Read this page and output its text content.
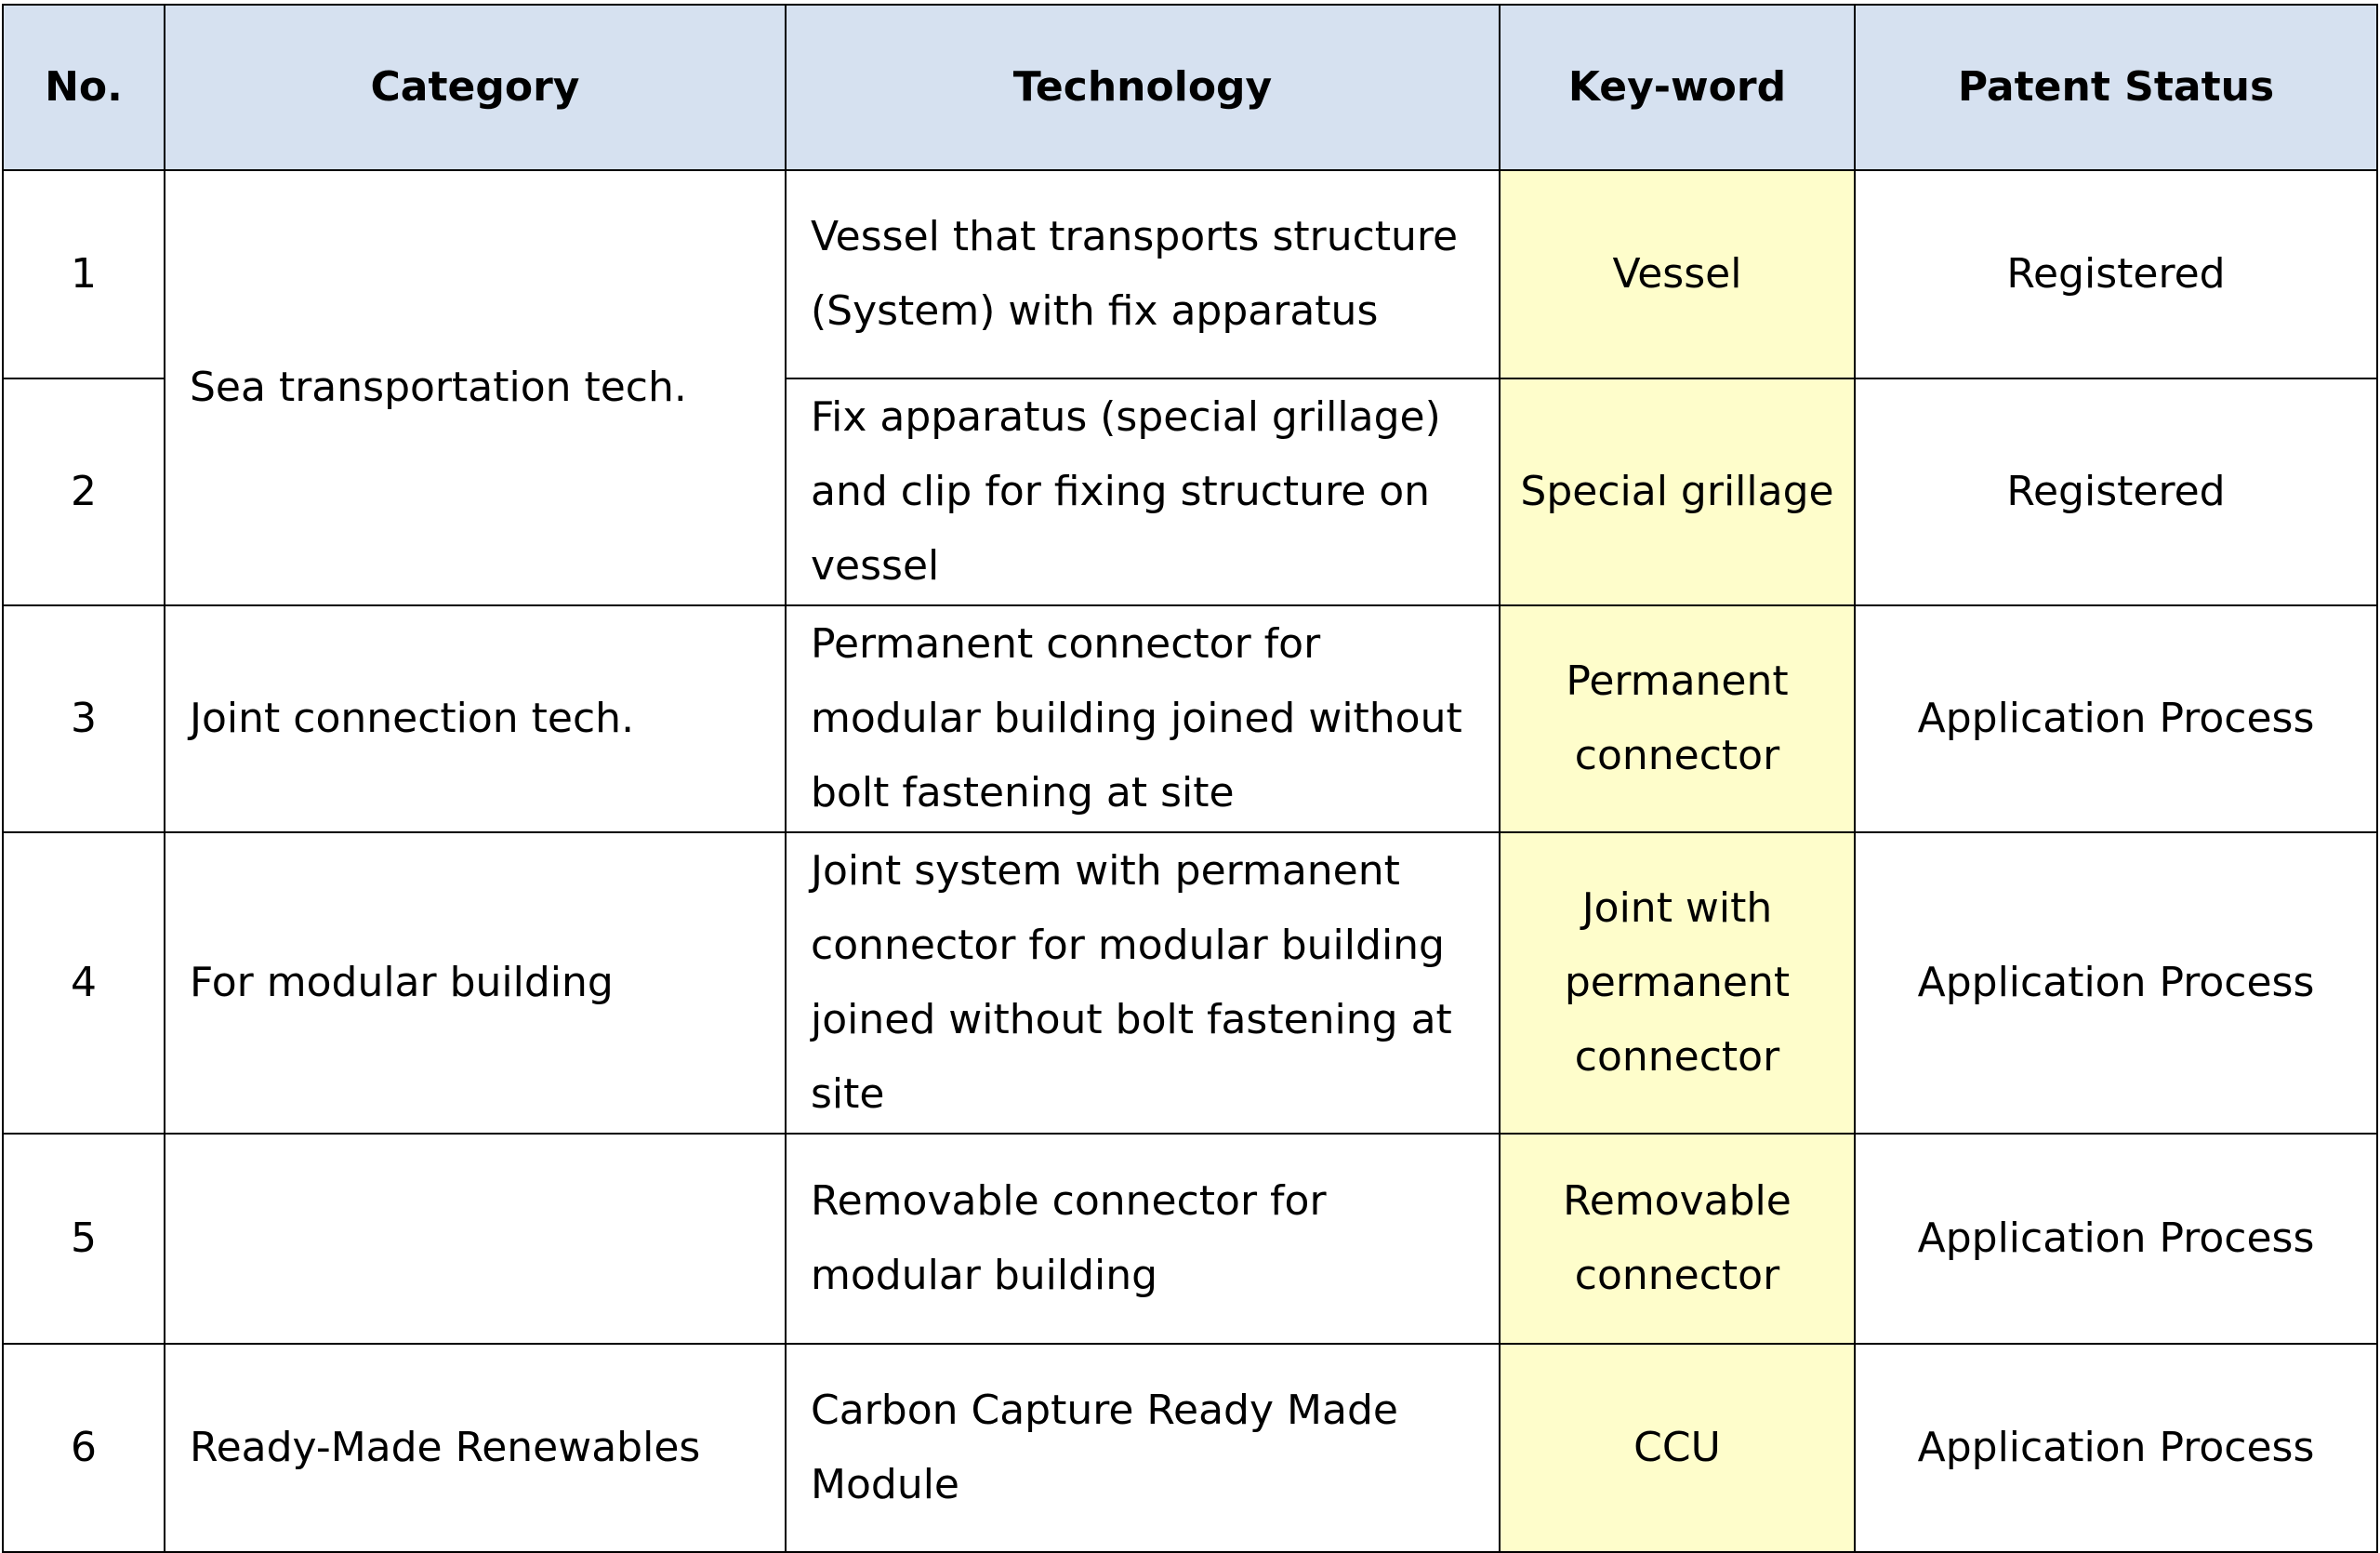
No.	Category	Technology	Key-word	Patent Status
1	Sea transportation tech.	Vessel that transports structure (System) with fix apparatus	Vessel	Registered
2		Fix apparatus (special grillage) and clip for fixing structure on vessel	Special grillage	Registered
3	Joint connection tech.	Permanent connector for modular building joined without bolt fastening at site	Permanent connector	Application Process
4	For modular building	Joint system with permanent connector for modular building joined without bolt fastening at site	Joint with permanent connector	Application Process
5		Removable connector for modular building	Removable connector	Application Process
6	Ready-Made Renewables	Carbon Capture Ready Made Module	CCU	Application Process
